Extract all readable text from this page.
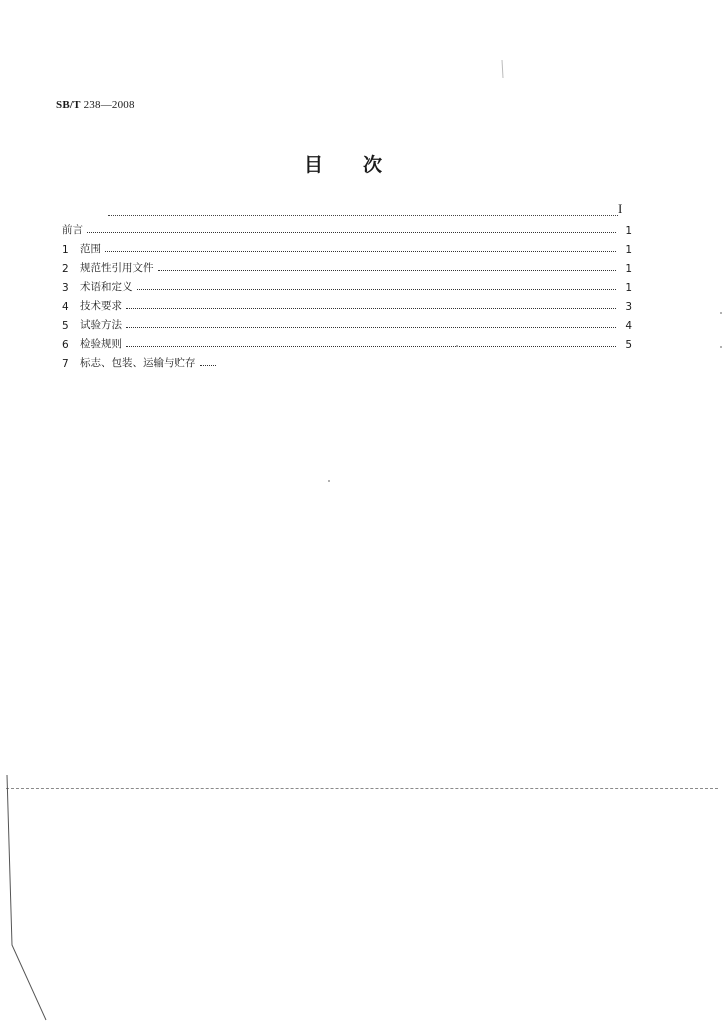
SB/T 238—2008
目 次
I
前言	1
1	范围	1
2	规范性引用文件	1
3	术语和定义	1
4	技术要求	3
5	试验方法	4
6	检验规则	5
7	标志、包装、运输与贮存
